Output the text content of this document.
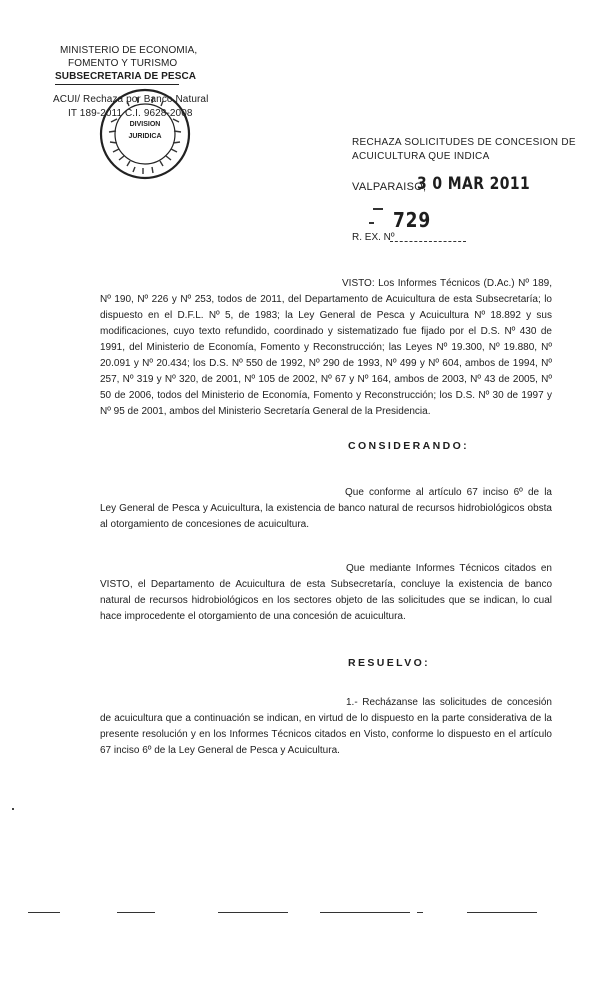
MINISTERIO DE ECONOMIA,
FOMENTO Y TURISMO
SUBSECRETARIA DE PESCA
ACUI/ Rechaza por Banco Natural
IT 189-2011 C.I. 9628-2008
DIVISION
JURIDICA
RECHAZA SOLICITUDES DE CONCESION DE
ACUICULTURA QUE INDICA
VALPARAISO,
3 0 MAR 2011
729
R. EX. Nº
VISTO: Los Informes Técnicos (D.Ac.) Nº 189, Nº 190, Nº 226 y Nº 253, todos de 2011, del Departamento de Acuicultura de esta Subsecretaría; lo dispuesto en el D.F.L. Nº 5, de 1983; la Ley General de Pesca y Acuicultura Nº 18.892 y sus modificaciones, cuyo texto refundido, coordinado y sistematizado fue fijado por el D.S. Nº 430 de 1991, del Ministerio de Economía, Fomento y Reconstrucción; las Leyes Nº 19.300, Nº 19.880, Nº 20.091 y Nº 20.434; los D.S. Nº 550 de 1992, Nº 290 de 1993, Nº 499 y Nº 604, ambos de 1994, Nº 257, Nº 319 y Nº 320, de 2001, Nº 105 de 2002, Nº 67 y Nº 164, ambos de 2003, Nº 43 de 2005, Nº 50 de 2006, todos del Ministerio de Economía, Fomento y Reconstrucción; los D.S. Nº 30 de 1997 y Nº 95 de 2001, ambos del Ministerio Secretaría General de la Presidencia.
CONSIDERANDO:
Que conforme al artículo 67 inciso 6º de la Ley General de Pesca y Acuicultura, la existencia de banco natural de recursos hidrobiológicos obsta al otorgamiento de concesiones de acuicultura.
Que mediante Informes Técnicos citados en VISTO, el Departamento de Acuicultura de esta Subsecretaría, concluye la existencia de banco natural de recursos hidrobiológicos en los sectores objeto de las solicitudes que se indican, lo cual hace improcedente el otorgamiento de una concesión de acuicultura.
RESUELVO:
1.- Recházanse las solicitudes de concesión de acuicultura que a continuación se indican, en virtud de lo dispuesto en la parte considerativa de la presente resolución y en los Informes Técnicos citados en Visto, conforme lo dispuesto en el artículo 67 inciso 6º de la Ley General de Pesca y Acuicultura.
